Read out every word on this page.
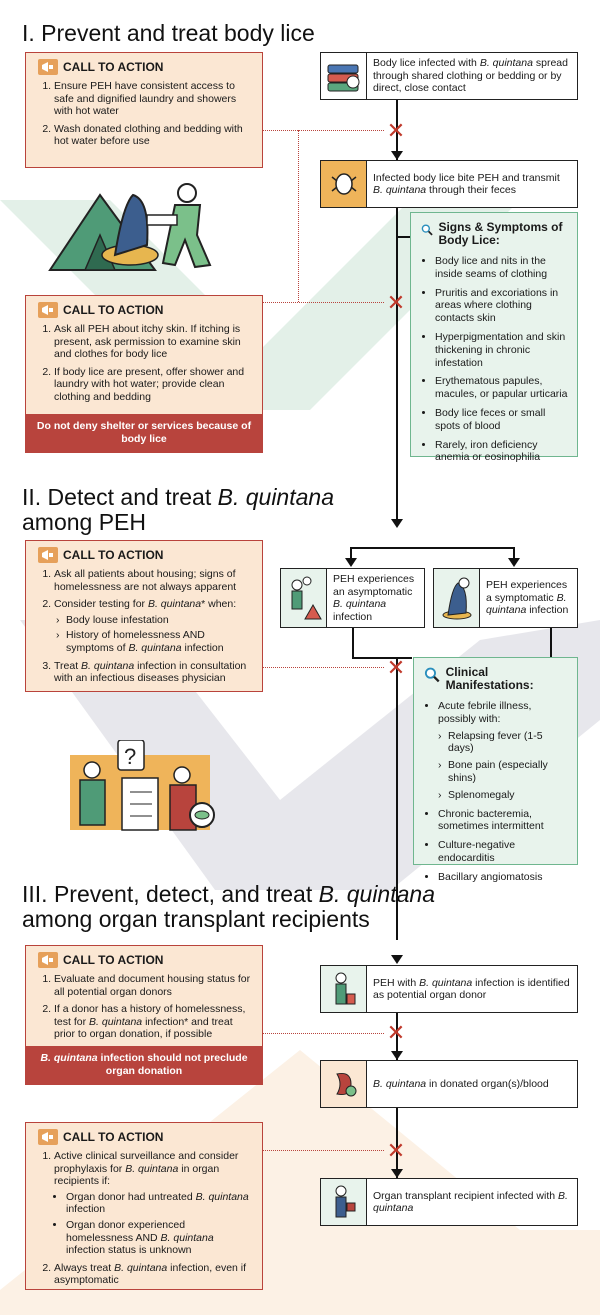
I. Prevent and treat body lice
CALL TO ACTION
1. Ensure PEH have consistent access to safe and dignified laundry and showers with hot water
2. Wash donated clothing and bedding with hot water before use
CALL TO ACTION
1. Ask all PEH about itchy skin. If itching is present, ask permission to examine skin and clothes for body lice
2. If body lice are present, offer shower and laundry with hot water; provide clean clothing and bedding
Do not deny shelter or services because of body lice
Body lice infected with B. quintana spread through shared clothing or bedding or by direct, close contact
Infected body lice bite PEH and transmit B. quintana through their feces
Signs & Symptoms of Body Lice:
• Body lice and nits in the inside seams of clothing
• Pruritis and excoriations in areas where clothing contacts skin
• Hyperpigmentation and skin thickening in chronic infestation
• Erythematous papules, macules, or papular urticaria
• Body lice feces or small spots of blood
• Rarely, iron deficiency anemia or eosinophilia
✕
✕
II. Detect and treat B. quintana
among PEH
CALL TO ACTION
1. Ask all patients about housing; signs of homelessness are not always apparent
2. Consider testing for B. quintana* when:
› Body louse infestation
› History of homelessness AND symptoms of B. quintana infection
3. Treat B. quintana infection in consultation with an infectious diseases physician
?
PEH experiences an asymptomatic B. quintana infection
PEH experiences a symptomatic B. quintana infection
Clinical Manifestations:
• Acute febrile illness, possibly with:
› Relapsing fever (1-5 days)
› Bone pain (especially shins)
› Splenomegaly
• Chronic bacteremia, sometimes intermittent
• Culture-negative endocarditis
• Bacillary angiomatosis
✕
III. Prevent, detect, and treat B. quintana
among organ transplant recipients
CALL TO ACTION
1. Evaluate and document housing status for all potential organ donors
2. If a donor has a history of homelessness, test for B. quintana infection* and treat prior to organ donation, if possible
B. quintana infection should not preclude organ donation
PEH with B. quintana infection is identified as potential organ donor
B. quintana in donated organ(s)/blood
Organ transplant recipient infected with B. quintana
CALL TO ACTION
1. Active clinical surveillance and consider prophylaxis for B. quintana in organ recipients if:
• Organ donor had untreated B. quintana infection
• Organ donor experienced homelessness AND B. quintana infection status is unknown
2. Always treat B. quintana infection, even if asymptomatic
✕
✕
